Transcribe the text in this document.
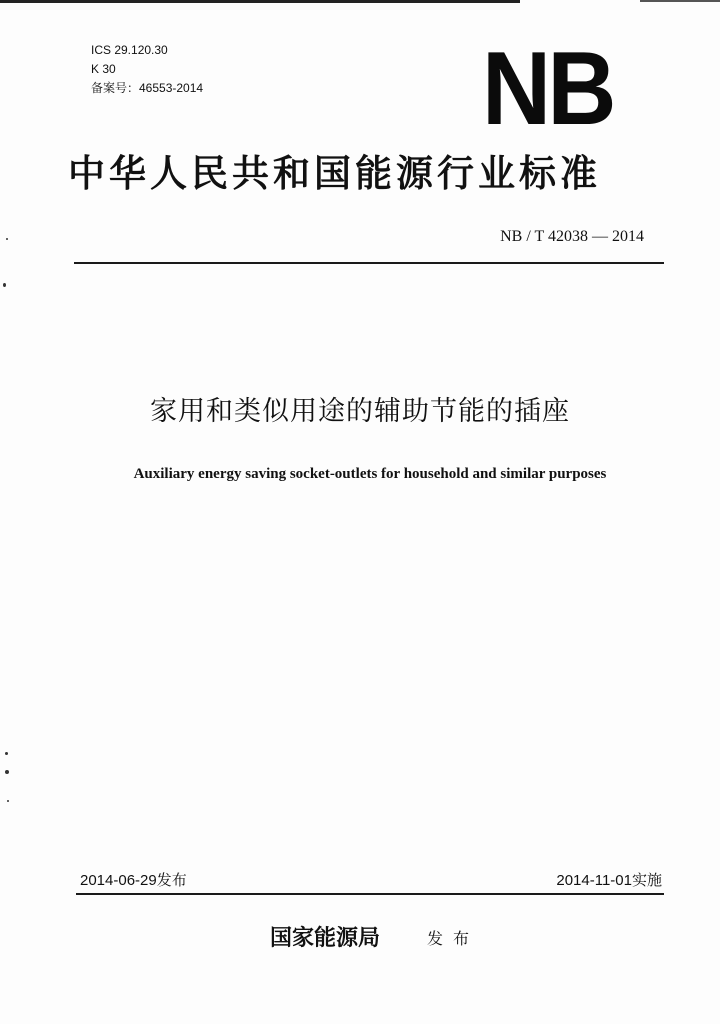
ICS 29.120.30
K 30
备案号：46553-2014	NB
中华人民共和国能源行业标准
NB / T 42038 — 2014
家用和类似用途的辅助节能的插座
Auxiliary energy saving socket-outlets for household and similar purposes
2014-06-29发布	2014-11-01实施
国家能源局	发布
